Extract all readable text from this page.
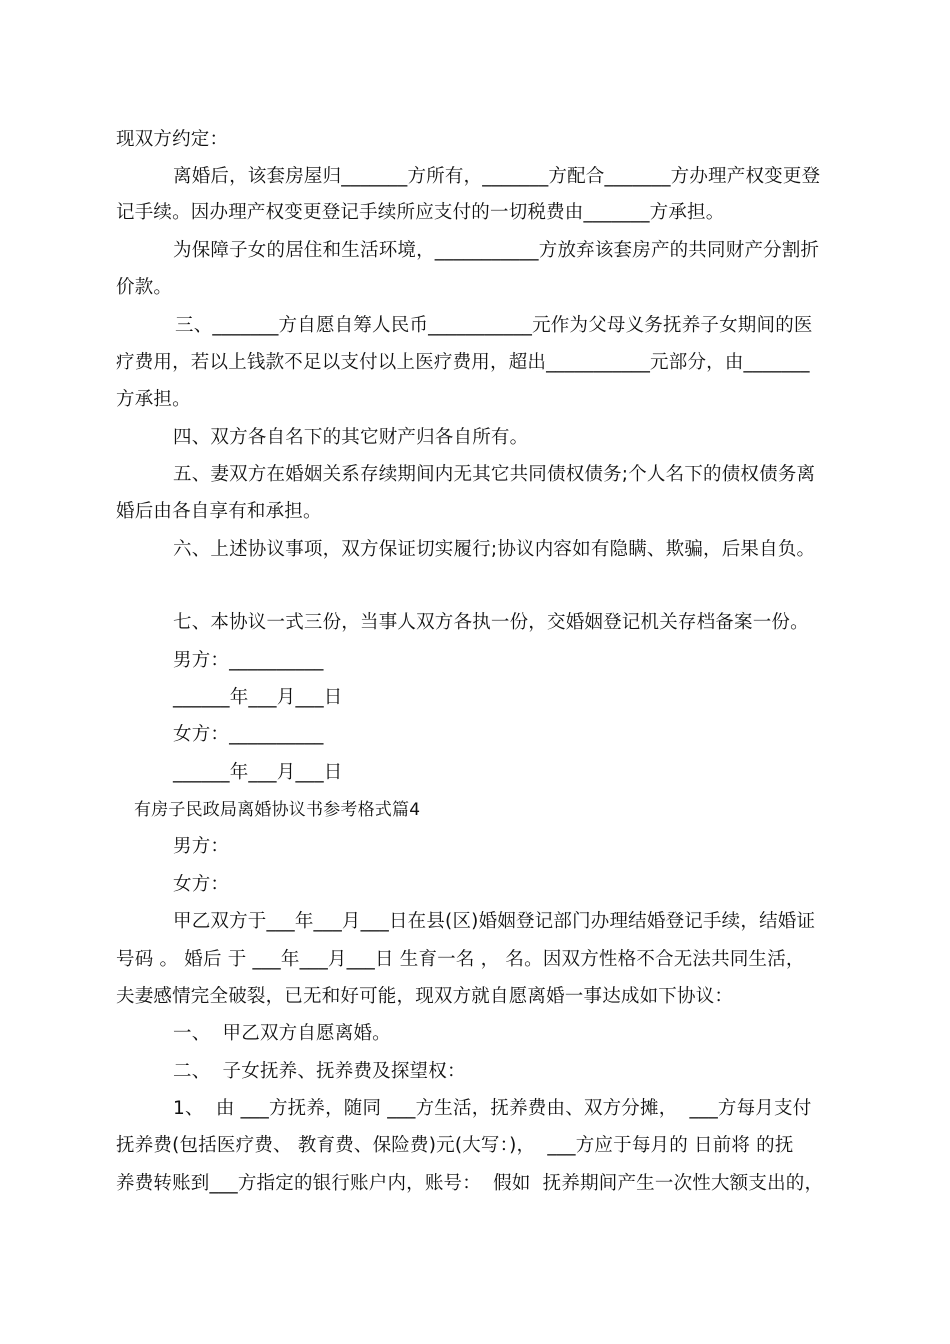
现双方约定：
离婚后，该套房屋归_______方所有，_______方配合_______方办理产权变更登
记手续。因办理产权变更登记手续所应支付的一切税费由_______方承担。
为保障子女的居住和生活环境，___________方放弃该套房产的共同财产分割折
价款。
三、_______方自愿自筹人民币___________元作为父母义务抚养子女期间的医
疗费用，若以上钱款不足以支付以上医疗费用，超出___________元部分，由_______
方承担。
四、双方各自名下的其它财产归各自所有。
五、妻双方在婚姻关系存续期间内无其它共同债权债务;个人名下的债权债务离
婚后由各自享有和承担。
六、上述协议事项，双方保证切实履行;协议内容如有隐瞒、欺骗，后果自负。
七、本协议一式三份，当事人双方各执一份，交婚姻登记机关存档备案一份。
男方：__________
______年___月___日
女方：__________
______年___月___日
有房子民政局离婚协议书参考格式篇4
男方：
女方：
甲乙双方于___年___月___日在县(区)婚姻登记部门办理结婚登记手续，结婚证
号码 。 婚后 于 ___年___月___日 生育一名 ， 名。因双方性格不合无法共同生活，
夫妻感情完全破裂，已无和好可能，现双方就自愿离婚一事达成如下协议：
一、  甲乙双方自愿离婚。
二、  子女抚养、抚养费及探望权：
1、  由 ___方抚养，随同 ___方生活，抚养费由、双方分摊，  ___方每月支付
抚养费(包括医疗费、 教育费、保险费)元(大写：)，  ___方应于每月的 日前将 的抚
养费转账到___方指定的银行账户内，账号：  假如  抚养期间产生一次性大额支出的，
